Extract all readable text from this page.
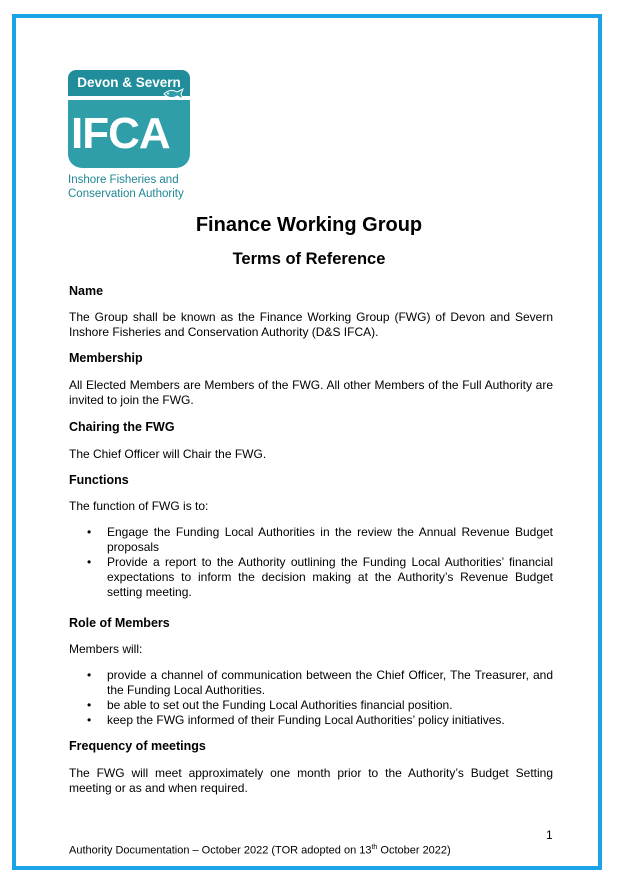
Devon & Severn
IFCA
Inshore Fisheries and
Conservation Authority
Finance Working Group
Terms of Reference
Name
The Group shall be known as the Finance Working Group (FWG) of Devon and Severn Inshore Fisheries and Conservation Authority (D&S IFCA).
Membership
All Elected Members are Members of the FWG. All other Members of the Full Authority are invited to join the FWG.
Chairing the FWG
The Chief Officer will Chair the FWG.
Functions
The function of FWG is to:
• Engage the Funding Local Authorities in the review the Annual Revenue Budget proposals
• Provide a report to the Authority outlining the Funding Local Authorities’ financial expectations to inform the decision making at the Authority’s Revenue Budget setting meeting.
Role of Members
Members will:
• provide a channel of communication between the Chief Officer, The Treasurer, and the Funding Local Authorities.
• be able to set out the Funding Local Authorities financial position.
• keep the FWG informed of their Funding Local Authorities’ policy initiatives.
Frequency of meetings
The FWG will meet approximately one month prior to the Authority’s Budget Setting meeting or as and when required.
1
Authority Documentation – October 2022 (TOR adopted on 13th October 2022)
